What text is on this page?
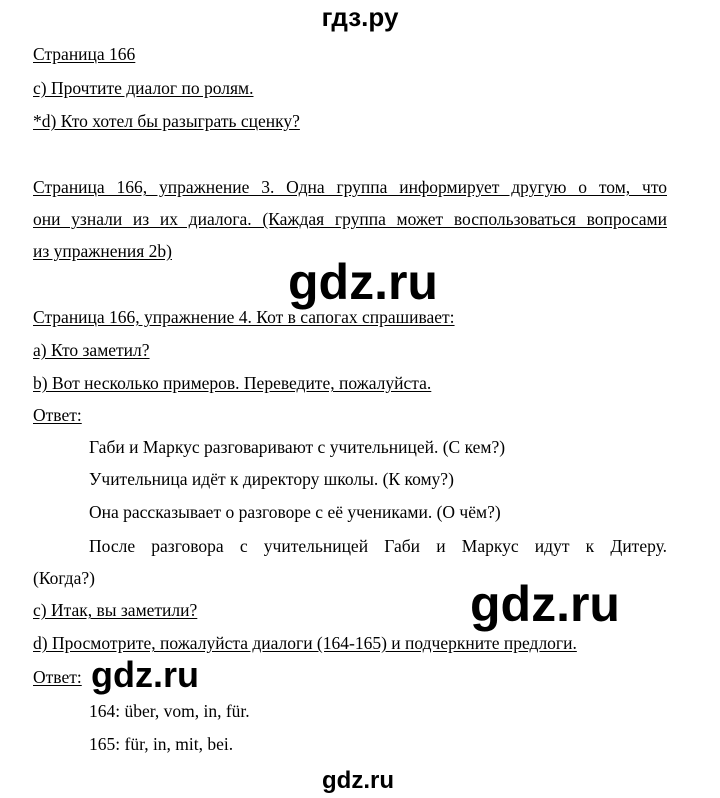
гдз.ру
Страница 166
с) Прочтите диалог по ролям.
*d) Кто хотел бы разыграть сценку?
Страница 166, упражнение 3. Одна группа информирует другую о том, что
они узнали из их диалога. (Каждая группа может воспользоваться вопросами
из упражнения 2b)
gdz.ru
Страница 166, упражнение 4. Кот в сапогах спрашивает:
a) Кто заметил?
b) Вот несколько примеров. Переведите, пожалуйста.
Ответ:
Габи и Маркус разговаривают с учительницей. (С кем?)
Учительница идёт к директору школы. (К кому?)
Она рассказывает о разговоре с её учениками. (О чём?)
После разговора с учительницей Габи и Маркус идут к Дитеру.
(Когда?)	gdz.ru
с) Итак, вы заметили?
d) Просмотрите, пожалуйста диалоги (164-165) и подчеркните предлоги.
Ответ: gdz.ru
164: über, vom, in, für.
165: für, in, mit, bei.
gdz.ru
